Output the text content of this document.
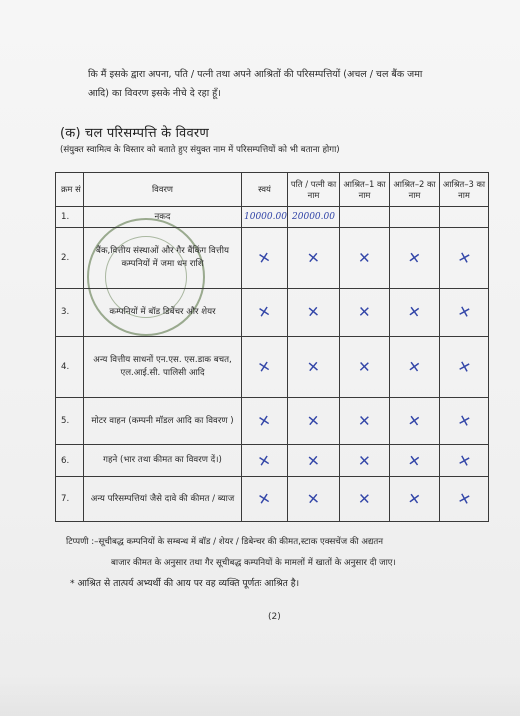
कि मैं इसके द्वारा अपना, पति / पत्नी तथा अपने आश्रितों की परिसम्पत्तियों (अचल / चल बैंक जमा
आदि) का विवरण इसके नीचे दे रहा हूँ।
(क) चल परिसम्पत्ति के विवरण
(संयुक्त स्वामित्व के विस्तार को बताते हुए संयुक्त नाम में परिसम्पत्तियों को भी बताना होगा)
क्रम सं	विवरण	स्वयं	पति / पत्नी का नाम	आश्रित–1 का नाम	आश्रित–2 का नाम	आश्रित–3 का नाम
1.	नकद	10000.00	20000.00			
2.	बैंक,वित्तीय संस्थाओं और गैर बैंकिंग वित्तीय कम्पनियों में जमा धन राशि	✕	✕	✕	✕	✕
3.	कम्पनियों में बॉड डिबेंचर और शेयर	✕	✕	✕	✕	✕
4.	अन्य वित्तीय साधनों एन.एस. एस.डाक बचत, एल.आई.सी. पालिसी आदि	✕	✕	✕	✕	✕
5.	मोटर वाहन (कम्पनी मॉडल आदि का विवरण )	✕	✕	✕	✕	✕
6.	गहने (भार तथा कीमत का विवरण दें।)	✕	✕	✕	✕	✕
7.	अन्य परिसम्पत्तियां जैसे दावे की कीमत / ब्याज	✕	✕	✕	✕	✕
टिप्पणी :–सूचीबद्ध कम्पनियों के सम्बन्ध में बॉड / शेयर / डिबेन्चर की कीमत,स्टाक एक्सचेंज की अद्यतन
बाजार कीमत के अनुसार तथा गैर सूचीबद्ध कम्पनियों के मामलों में खातों के अनुसार दी जाए।
* आश्रित से तात्पर्य अभ्यर्थी की आय पर वह व्यक्ति पूर्णतः आश्रित है।
(2)
